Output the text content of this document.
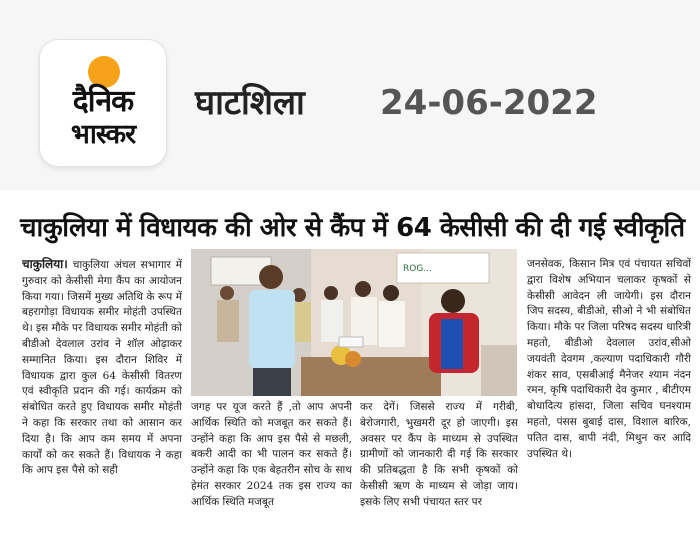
दैनिक
भास्कर
घाटशिला 24-06-2022
चाकुलिया में विधायक की ओर से कैंप में 64 केसीसी की दी गई स्वीकृति
चाकुलिया। चाकुलिया अंचल सभागार में गुरुवार को केसीसी मेगा कैंप का आयोजन किया गया। जिसमें मुख्य अतिथि के रूप में बहरागोड़ा विधायक समीर मोहंती उपस्थित थे। इस मौके पर विधायक समीर मोहंती को बीडीओ देवलाल उरांव ने शॉल ओढ़ाकर सम्मानित किया। इस दौरान शिविर में विधायक द्वारा कुल 64 केसीसी वितरण एवं स्वीकृति प्रदान की गई। कार्यक्रम को संबोधित करते हुए विधायक समीर मोहंती ने कहा कि सरकार तथा को आसान कर दिया है। कि आप कम समय में अपना कार्यों को कर सकते हैं। विधायक ने कहा कि आप इस पैसे को सही
जगह पर यूज करते हैं ,तो आप अपनी आर्थिक स्थिति को मजबूत कर सकते हैं। उन्होंने कहा कि आप इस पैसे से मछली, बकरी आदी का भी पालन कर सकते हैं। उन्होंने कहा कि एक बेहतरीन सोच के साथ हेमंत सरकार 2024 तक इस राज्य का आर्थिक स्थिति मजबूत
कर देगें। जिससे राज्य में गरीबी, बेरोजगारी, भुखमरी दूर हो जाएगी। इस अवसर पर कैंप के माध्यम से उपस्थित ग्रामीणों को जानकारी दी गई कि सरकार की प्रतिबद्धता है कि सभी कृषकों को केसीसी ऋण के माध्यम से जोड़ा जाय। इसके लिए सभी पंचायत स्तर पर
जनसेवक, किसान मित्र एवं पंचायत सचिवों द्वारा विशेष अभियान चलाकर कृषकों से केसीसी आवेदन ली जायेगी। इस दौरान जिप सदस्य, बीडीओ, सीओ ने भी संबोधित किया। मौके पर जिला परिषद सदस्य धारित्री महतो, बीडीओ देवलाल उरांव,सीओ जयवंती देवगम ,कल्याण पदाधिकारी गौरी शंकर साव, एसबीआई मैनेजर श्याम नंदन रमन, कृषि पदाधिकारी देव कुमार , बीटीएम बोधादित्य हांसदा, जिला सचिव घनश्याम महतो, पंसस बुबाई दास, विशाल बारिक, पतित दास, बापी नंदी, मिथुन कर आदि उपस्थित थे।
ROG...
